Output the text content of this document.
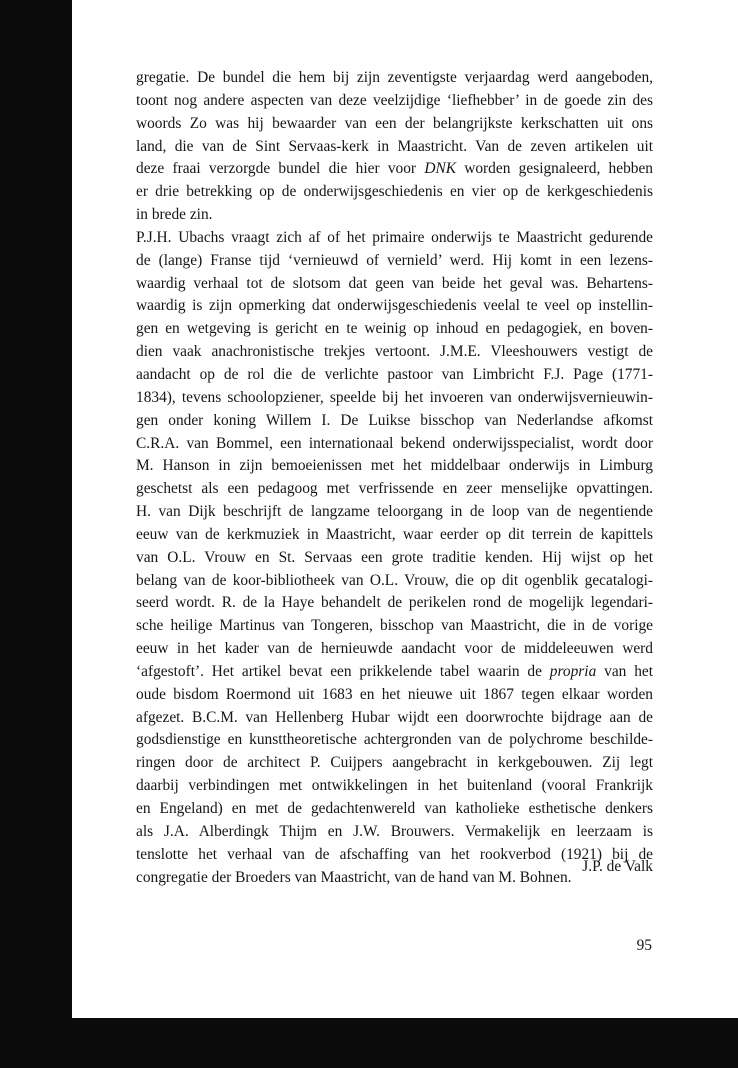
gregatie. De bundel die hem bij zijn zeventigste verjaardag werd aangeboden,
toont nog andere aspecten van deze veelzijdige ‘liefhebber’ in de goede zin des
woords Zo was hij bewaarder van een der belangrijkste kerkschatten uit ons
land, die van de Sint Servaas-kerk in Maastricht. Van de zeven artikelen uit
deze fraai verzorgde bundel die hier voor DNK worden gesignaleerd, hebben
er drie betrekking op de onderwijsgeschiedenis en vier op de kerkgeschiedenis
in brede zin.
P.J.H. Ubachs vraagt zich af of het primaire onderwijs te Maastricht gedurende
de (lange) Franse tijd ‘vernieuwd of vernield’ werd. Hij komt in een lezens-
waardig verhaal tot de slotsom dat geen van beide het geval was. Behartens-
waardig is zijn opmerking dat onderwijsgeschiedenis veelal te veel op instellin-
gen en wetgeving is gericht en te weinig op inhoud en pedagogiek, en boven-
dien vaak anachronistische trekjes vertoont. J.M.E. Vleeshouwers vestigt de
aandacht op de rol die de verlichte pastoor van Limbricht F.J. Page (1771-
1834), tevens schoolopziener, speelde bij het invoeren van onderwijsvernieuwin-
gen onder koning Willem I. De Luikse bisschop van Nederlandse afkomst
C.R.A. van Bommel, een internationaal bekend onderwijsspecialist, wordt door
M. Hanson in zijn bemoeienissen met het middelbaar onderwijs in Limburg
geschetst als een pedagoog met verfrissende en zeer menselijke opvattingen.
H. van Dijk beschrijft de langzame teloorgang in de loop van de negentiende
eeuw van de kerkmuziek in Maastricht, waar eerder op dit terrein de kapittels
van O.L. Vrouw en St. Servaas een grote traditie kenden. Hij wijst op het
belang van de koor-bibliotheek van O.L. Vrouw, die op dit ogenblik gecatalogi-
seerd wordt. R. de la Haye behandelt de perikelen rond de mogelijk legendari-
sche heilige Martinus van Tongeren, bisschop van Maastricht, die in de vorige
eeuw in het kader van de hernieuwde aandacht voor de middeleeuwen werd
‘afgestoft’. Het artikel bevat een prikkelende tabel waarin de propria van het
oude bisdom Roermond uit 1683 en het nieuwe uit 1867 tegen elkaar worden
afgezet. B.C.M. van Hellenberg Hubar wijdt een doorwrochte bijdrage aan de
godsdienstige en kunsttheoretische achtergronden van de polychrome beschilde-
ringen door de architect P. Cuijpers aangebracht in kerkgebouwen. Zij legt
daarbij verbindingen met ontwikkelingen in het buitenland (vooral Frankrijk
en Engeland) en met de gedachtenwereld van katholieke esthetische denkers
als J.A. Alberdingk Thijm en J.W. Brouwers. Vermakelijk en leerzaam is
tenslotte het verhaal van de afschaffing van het rookverbod (1921) bij de
congregatie der Broeders van Maastricht, van de hand van M. Bohnen.
J.P. de Valk
95
